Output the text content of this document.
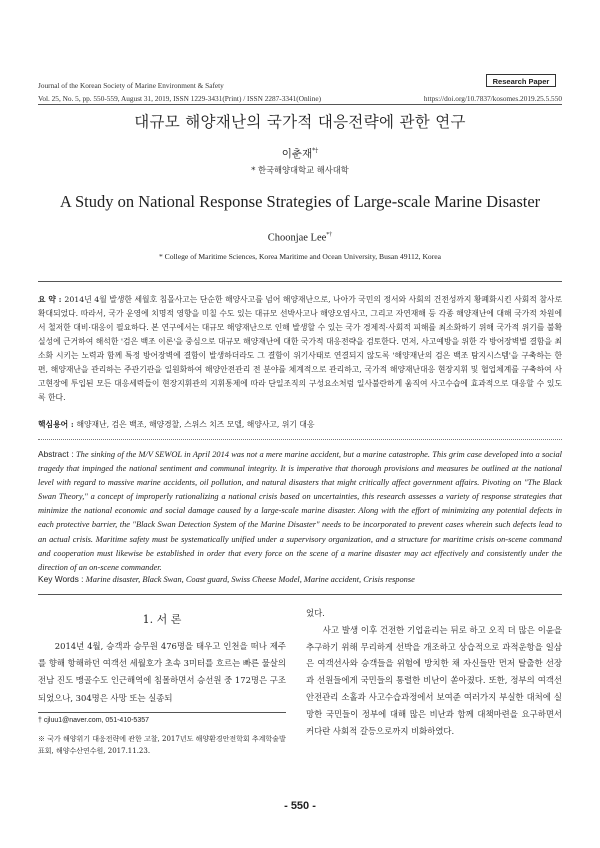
Journal of the Korean Society of Marine Environment & Safety
Vol. 25, No. 5, pp. 550-559, August 31, 2019, ISSN 1229-3431(Print) / ISSN 2287-3341(Online)	https://doi.org/10.7837/kosomes.2019.25.5.550
Research Paper
대규모 해양재난의 국가적 대응전략에 관한 연구
이춘재*†
* 한국해양대학교 해사대학
A Study on National Response Strategies of Large-scale Marine Disaster
Choonjae Lee*†
* College of Maritime Sciences, Korea Maritime and Ocean University, Busan 49112, Korea
요 약 : 2014년 4월 발생한 세월호 침몰사고는 단순한 해양사고를 넘어 해양재난으로, 나아가 국민의 정서와 사회의 건전성까지 황폐화시킨 사회적 참사로 확대되었다. 따라서, 국가 운영에 치명적 영향을 미칠 수도 있는 대규모 선박사고나 해양오염사고, 그리고 자연재해 등 각종 해양재난에 대해 국가적 차원에서 철저한 대비·대응이 필요하다. 본 연구에서는 대규모 해양재난으로 인해 발생할 수 있는 국가 경제적·사회적 피해를 최소화하기 위해 국가적 위기를 불확실성에 근거하여 해석한 '검은 백조 이론'을 중심으로 대규모 해양재난에 대한 국가적 대응전략을 검토한다. 먼저, 사고예방을 위한 각 방어장벽별 결함을 최소화 시키는 노력과 함께 특정 방어장벽에 결함이 발생하더라도 그 결함이 위기사태로 연결되지 않도록 '해양재난의 검은 백조 탐지시스템'을 구축하는 한편, 해양재난을 관리하는 주관기관을 일원화하여 해양안전관리 전 분야를 체계적으로 관리하고, 국가적 해양재난대응 현장지휘 및 협업체계를 구축하여 사고현장에 투입된 모든 대응세력들이 현장지휘관의 지휘통제에 따라 단일조직의 구성요소처럼 일사불란하게 움직여 사고수습에 효과적으로 대응할 수 있도록 한다.
핵심용어 : 해양재난, 검은 백조, 해양경찰, 스위스 치즈 모델, 해양사고, 위기 대응
Abstract : The sinking of the M/V SEWOL in April 2014 was not a mere marine accident, but a marine catastrophe. This grim case developed into a social tragedy that impinged the national sentiment and communal integrity. It is imperative that thorough provisions and measures be outlined at the national level with regard to massive marine accidents, oil pollution, and natural disasters that might critically affect government affairs. Pivoting on "The Black Swan Theory," a concept of improperly rationalizing a national crisis based on uncertainties, this research assesses a variety of response strategies that minimize the national economic and social damage caused by a large-scale marine disaster. Along with the effort of minimizing any potential defects in each protective barrier, the "Black Swan Detection System of the Marine Disaster" needs to be incorporated to prevent cases wherein such defects lead to an actual crisis. Maritime safety must be systematically unified under a supervisory organization, and a structure for maritime crisis on-scene command and cooperation must likewise be established in order that every force on the scene of a marine disaster may act effectively and consistently under the direction of an on-scene commander.
Key Words : Marine disaster, Black Swan, Coast guard, Swiss Cheese Model, Marine accident, Crisis response
1. 서 론
2014년 4월, 승객과 승무원 476명을 태우고 인천을 떠나 제주를 향해 항해하던 여객선 세월호가 초속 3미터를 흐르는 빠른 물살의 전남 진도 맹골수도 인근해역에 침몰하면서 승선원 중 172명은 구조되었으나, 304명은 사망 또는 실종되
었다.
사고 발생 이후 건전한 기업윤리는 뒤로 하고 오직 더 많은 이윤을 추구하기 위해 무리하게 선박을 개조하고 상습적으로 과적운항을 일삼은 여객선사와 승객들을 위험에 방치한 채 자신들만 먼저 탈출한 선장과 선원들에게 국민들의 통렬한 비난이 쏟아졌다. 또한, 정부의 여객선 안전관리 소홀과 사고수습과정에서 보여준 여러가지 부실한 대처에 실망한 국민들이 정부에 대해 많은 비난과 함께 대책마련을 요구하면서 커다란 사회적 갈등으로까지 비화하였다.
† cjluu1@naver.com, 051-410-5357
※ 국가 해양위기 대응전략에 관한 고찰, 2017년도 해양환경안전학회 추계학술발표회, 해양수산연수원, 2017.11.23.
- 550 -
